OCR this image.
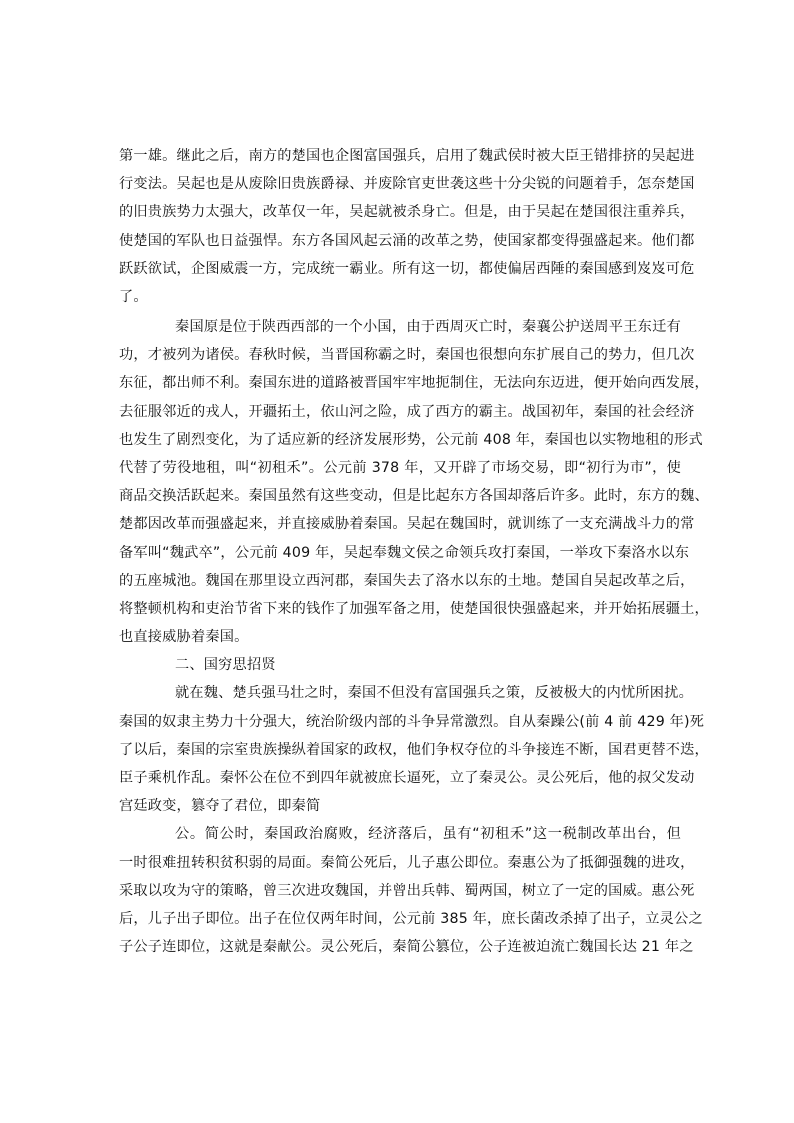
第一雄。继此之后，南方的楚国也企图富国强兵，启用了魏武侯时被大臣王错排挤的吴起进
行变法。吴起也是从废除旧贵族爵禄、并废除官吏世袭这些十分尖锐的问题着手，怎奈楚国
的旧贵族势力太强大，改革仅一年，吴起就被杀身亡。但是，由于吴起在楚国很注重养兵，
使楚国的军队也日益强悍。东方各国风起云涌的改革之势，使国家都变得强盛起来。他们都
跃跃欲试，企图威震一方，完成统一霸业。所有这一切，都使偏居西陲的秦国感到岌岌可危
了。
秦国原是位于陕西西部的一个小国，由于西周灭亡时，秦襄公护送周平王东迁有
功，才被列为诸侯。春秋时候，当晋国称霸之时，秦国也很想向东扩展自己的势力，但几次
东征，都出师不利。秦国东进的道路被晋国牢牢地扼制住，无法向东迈进，便开始向西发展，
去征服邻近的戎人，开疆拓土，依山河之险，成了西方的霸主。战国初年，秦国的社会经济
也发生了剧烈变化，为了适应新的经济发展形势，公元前 408 年，秦国也以实物地租的形式
代替了劳役地租，叫“初租禾”。公元前 378 年，又开辟了市场交易，即“初行为市”，使
商品交换活跃起来。秦国虽然有这些变动，但是比起东方各国却落后许多。此时，东方的魏、
楚都因改革而强盛起来，并直接威胁着秦国。吴起在魏国时，就训练了一支充满战斗力的常
备军叫“魏武卒”，公元前 409 年，吴起奉魏文侯之命领兵攻打秦国，一举攻下秦洛水以东
的五座城池。魏国在那里设立西河郡，秦国失去了洛水以东的土地。楚国自吴起改革之后，
将整顿机构和吏治节省下来的钱作了加强军备之用，使楚国很快强盛起来，并开始拓展疆土，
也直接威胁着秦国。
二、国穷思招贤
就在魏、楚兵强马壮之时，秦国不但没有富国强兵之策，反被极大的内忧所困扰。
秦国的奴隶主势力十分强大，统治阶级内部的斗争异常激烈。自从秦躁公(前 4 前 429 年)死
了以后，秦国的宗室贵族操纵着国家的政权，他们争权夺位的斗争接连不断，国君更替不迭，
臣子乘机作乱。秦怀公在位不到四年就被庶长逼死，立了秦灵公。灵公死后，他的叔父发动
宫廷政变，篡夺了君位，即秦简
公。简公时，秦国政治腐败，经济落后，虽有“初租禾”这一税制改革出台，但
一时很难扭转积贫积弱的局面。秦简公死后，儿子惠公即位。秦惠公为了抵御强魏的进攻，
采取以攻为守的策略，曾三次进攻魏国，并曾出兵韩、蜀两国，树立了一定的国威。惠公死
后，儿子出子即位。出子在位仅两年时间，公元前 385 年，庶长菌改杀掉了出子，立灵公之
子公子连即位，这就是秦献公。灵公死后，秦简公篡位，公子连被迫流亡魏国长达 21 年之
